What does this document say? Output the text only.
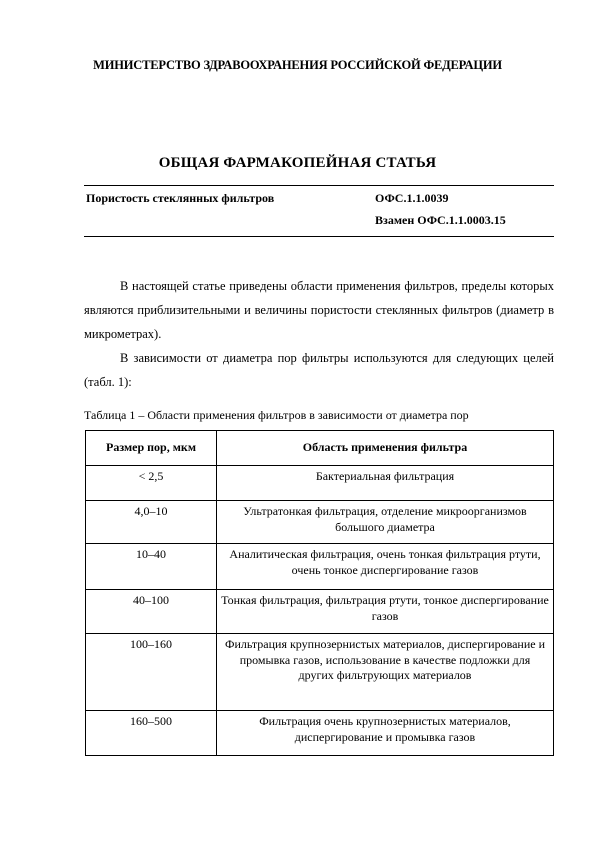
МИНИСТЕРСТВО ЗДРАВООХРАНЕНИЯ РОССИЙСКОЙ ФЕДЕРАЦИИ
ОБЩАЯ ФАРМАКОПЕЙНАЯ СТАТЬЯ
Пористость стеклянных фильтров	ОФС.1.1.0039
Взамен ОФС.1.1.0003.15
В настоящей статье приведены области применения фильтров, пределы которых являются приблизительными и величины пористости стеклянных фильтров (диаметр в микрометрах).
В зависимости от диаметра пор фильтры используются для следующих целей (табл. 1):
Таблица 1 – Области применения фильтров в зависимости от диаметра пор
Размер пор, мкм	Область применения фильтра
< 2,5	Бактериальная фильтрация
4,0–10	Ультратонкая фильтрация, отделение микроорганизмов большого диаметра
10–40	Аналитическая фильтрация, очень тонкая фильтрация ртути, очень тонкое диспергирование газов
40–100	Тонкая фильтрация, фильтрация ртути, тонкое диспергирование газов
100–160	Фильтрация крупнозернистых материалов, диспергирование и промывка газов, использование в качестве подложки для других фильтрующих материалов
160–500	Фильтрация очень крупнозернистых материалов, диспергирование и промывка газов
